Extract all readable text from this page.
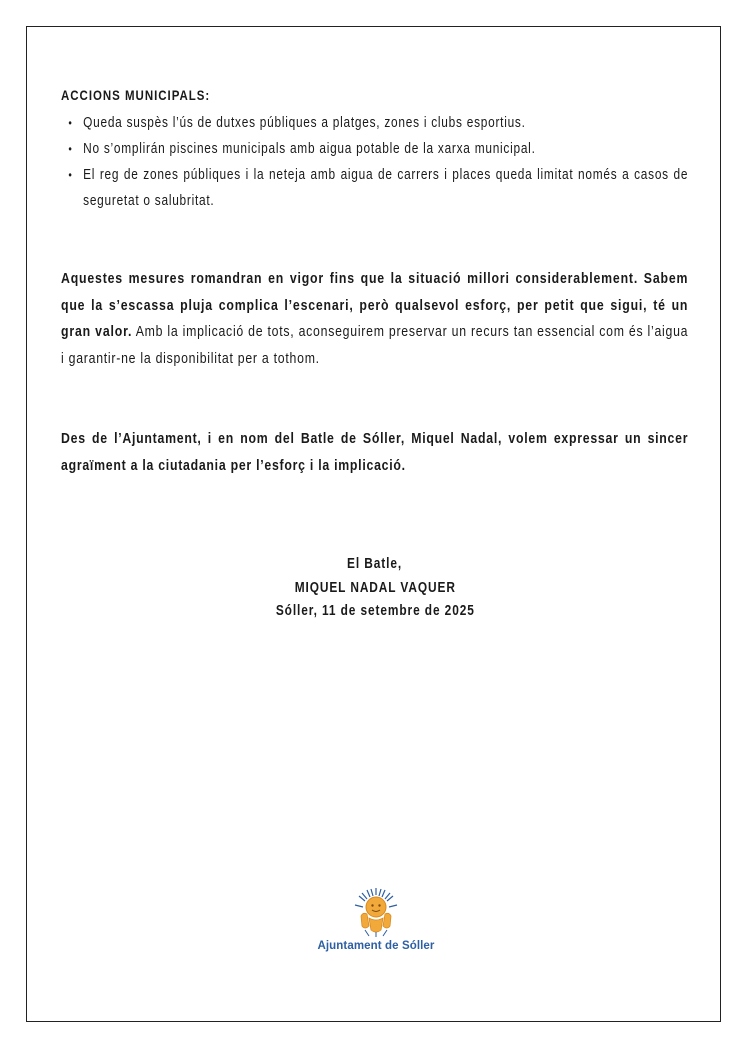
ACCIONS MUNICIPALS:

• Queda suspès l’ús de dutxes públiques a platges, zones i clubs esportius.
• No s’omplirán piscines municipals amb aigua potable de la xarxa municipal.
• El reg de zones públiques i la neteja amb aigua de carrers i places queda limitat només a casos de seguretat o salubritat.

Aquestes mesures romandran en vigor fins que la situació millori considerablement. Sabem que la s’escassa pluja complica l’escenari, però qualsevol esforç, per petit que sigui, té un gran valor. Amb la implicació de tots, aconseguirem preservar un recurs tan essencial com és l’aigua i garantir-ne la disponibilitat per a tothom.

Des de l’Ajuntament, i en nom del Batle de Sóller, Miquel Nadal, volem expressar un sincer agraïment a la ciutadania per l’esforç i la implicació.

El Batle,
MIQUEL NADAL VAQUER
Sóller, 11 de setembre de 2025
Ajuntament de Sóller
